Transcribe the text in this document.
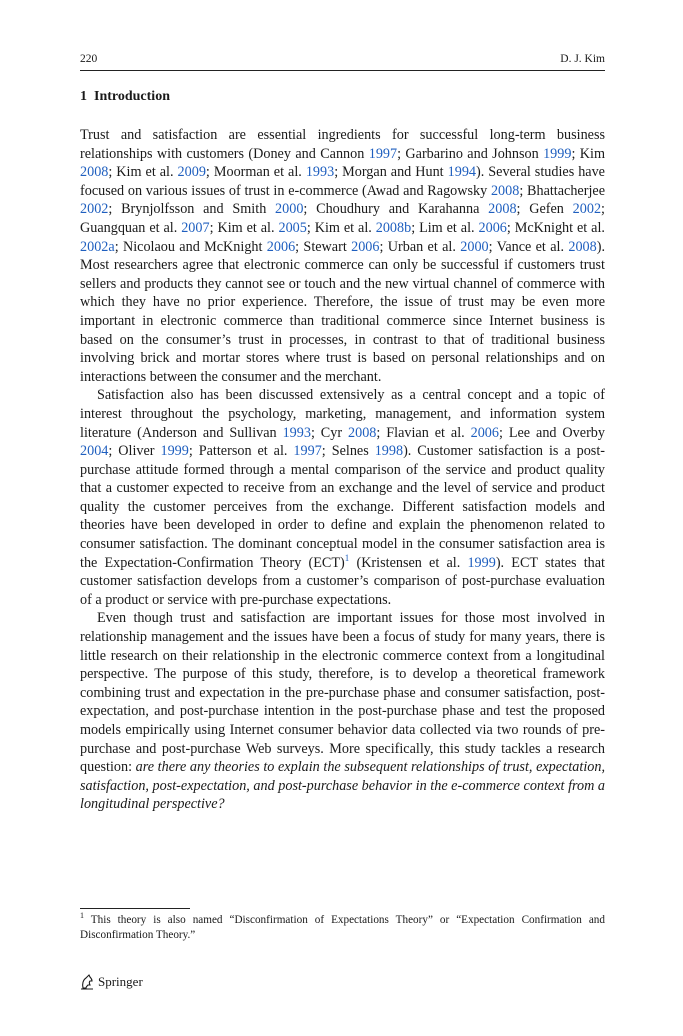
220	D. J. Kim
1 Introduction

Trust and satisfaction are essential ingredients for successful long-term business relationships with customers (Doney and Cannon 1997; Garbarino and Johnson 1999; Kim 2008; Kim et al. 2009; Moorman et al. 1993; Morgan and Hunt 1994). Several studies have focused on various issues of trust in e-commerce (Awad and Ragowsky 2008; Bhattacherjee 2002; Brynjolfsson and Smith 2000; Choudhury and Karahanna 2008; Gefen 2002; Guangquan et al. 2007; Kim et al. 2005; Kim et al. 2008b; Lim et al. 2006; McKnight et al. 2002a; Nicolaou and McKnight 2006; Stewart 2006; Urban et al. 2000; Vance et al. 2008). Most researchers agree that electronic commerce can only be successful if customers trust sellers and products they cannot see or touch and the new virtual channel of commerce with which they have no prior experience. Therefore, the issue of trust may be even more important in electronic commerce than traditional commerce since Internet business is based on the consumer’s trust in processes, in contrast to that of traditional business involving brick and mortar stores where trust is based on personal relationships and on interactions between the consumer and the merchant.

Satisfaction also has been discussed extensively as a central concept and a topic of interest throughout the psychology, marketing, management, and information system literature (Anderson and Sullivan 1993; Cyr 2008; Flavian et al. 2006; Lee and Overby 2004; Oliver 1999; Patterson et al. 1997; Selnes 1998). Customer satisfaction is a post-purchase attitude formed through a mental comparison of the service and product quality that a customer expected to receive from an exchange and the level of service and product quality the customer perceives from the exchange. Different satisfaction models and theories have been developed in order to define and explain the phenomenon related to consumer satisfaction. The dominant conceptual model in the consumer satisfaction area is the Expectation-Confirmation Theory (ECT)$^1$ (Kristensen et al. 1999). ECT states that customer satisfaction develops from a customer’s comparison of post-purchase evaluation of a product or service with pre-purchase expectations.

Even though trust and satisfaction are important issues for those most involved in relationship management and the issues have been a focus of study for many years, there is little research on their relationship in the electronic commerce context from a longitudinal perspective. The purpose of this study, therefore, is to develop a theoretical framework combining trust and expectation in the pre-purchase phase and consumer satisfaction, post-expectation, and post-purchase intention in the post-purchase phase and test the proposed models empirically using Internet consumer behavior data collected via two rounds of pre-purchase and post-purchase Web surveys. More specifically, this study tackles a research question: are there any theories to explain the subsequent relationships of trust, expectation, satisfaction, post-expectation, and post-purchase behavior in the e-commerce context from a longitudinal perspective?

$^1$ This theory is also named “Disconfirmation of Expectations Theory” or “Expectation Confirmation and Disconfirmation Theory.”
Springer
